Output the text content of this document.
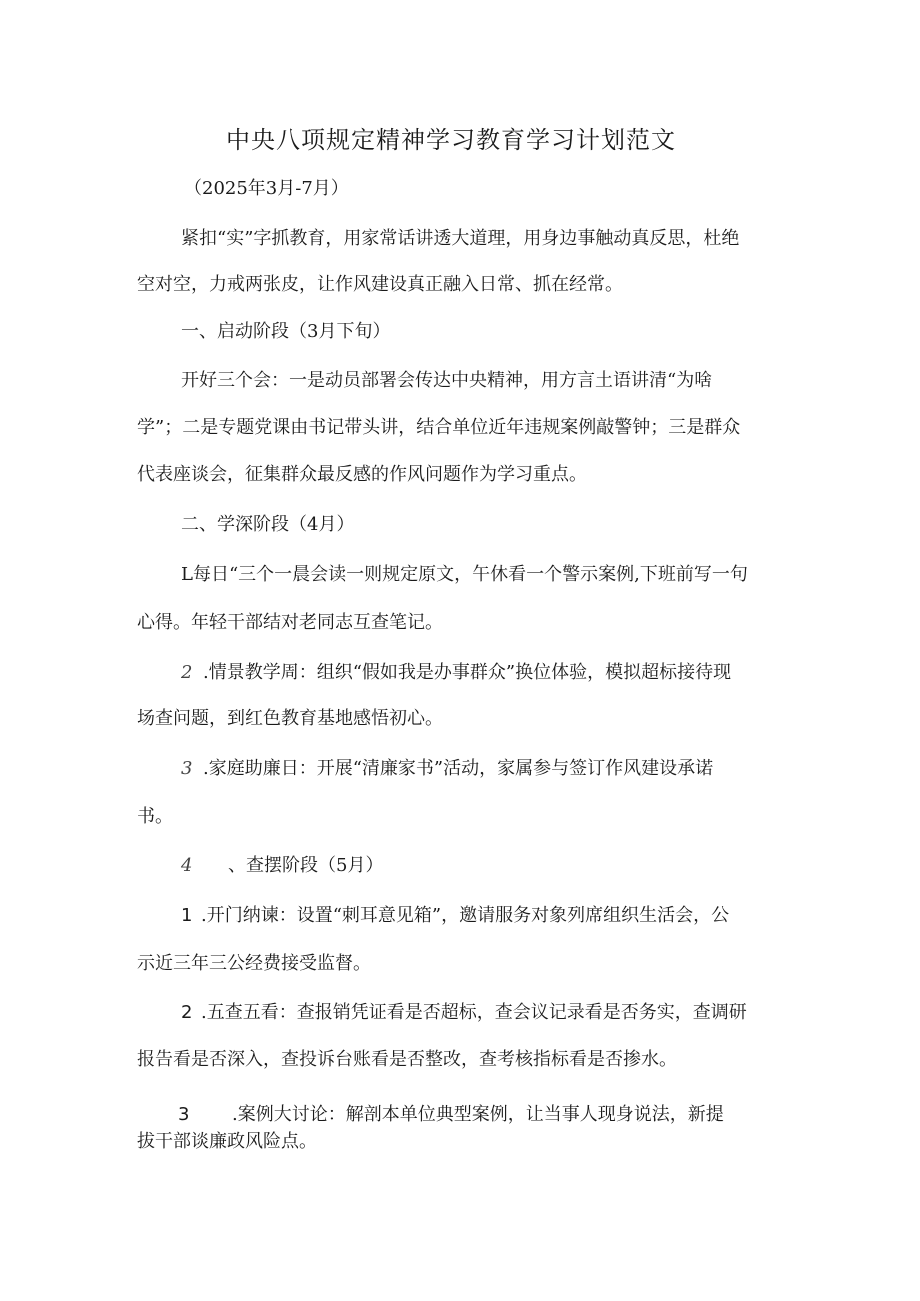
中央八项规定精神学习教育学习计划范文
（2025年3月-7月）
紧扣“实”字抓教育，用家常话讲透大道理，用身边事触动真反思，杜绝
空对空，力戒两张皮，让作风建设真正融入日常、抓在经常。
一、启动阶段（3月下旬）
开好三个会：一是动员部署会传达中央精神，用方言土语讲清“为啥
学”；二是专题党课由书记带头讲，结合单位近年违规案例敲警钟；三是群众
代表座谈会，征集群众最反感的作风问题作为学习重点。
二、学深阶段（4月）
L每日“三个一晨会读一则规定原文，午休看一个警示案例,下班前写一句
心得。年轻干部结对老同志互查笔记。
2 .情景教学周：组织“假如我是办事群众”换位体验，模拟超标接待现
场查问题，到红色教育基地感悟初心。
3 .家庭助廉日：开展“清廉家书”活动，家属参与签订作风建设承诺
书。
4 、查摆阶段（5月）
1 .开门纳谏：设置“刺耳意见箱”，邀请服务对象列席组织生活会，公
示近三年三公经费接受监督。
2 .五查五看：查报销凭证看是否超标，查会议记录看是否务实，查调研
报告看是否深入，查投诉台账看是否整改，查考核指标看是否掺水。
3 .案例大讨论：解剖本单位典型案例，让当事人现身说法，新提
拔干部谈廉政风险点。
